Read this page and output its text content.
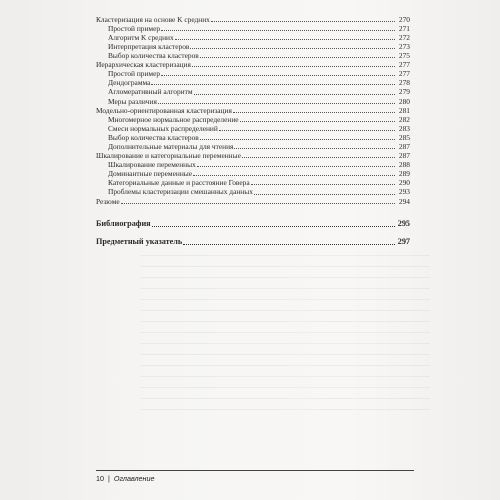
Кластеризация на основе K средних	270
Простой пример	271
Алгоритм K средних	272
Интерпретация кластеров	273
Выбор количества кластеров	275
Иерархическая кластеризация	277
Простой пример	277
Дендограмма	278
Агломеративный алгоритм	279
Меры различия	280
Модельно-ориентированная кластеризация	281
Многомерное нормальное распределение	282
Смеси нормальных распределений	283
Выбор количества кластеров	285
Дополнительные материалы для чтения	287
Шкалирование и категориальные переменные	287
Шкалирование переменных	288
Доминантные переменные	289
Категориальные данные и расстояние Говера	290
Проблемы кластеризации смешанных данных	293
Резюме	294
Библиография	295
Предметный указатель	297
10 | Оглавление
